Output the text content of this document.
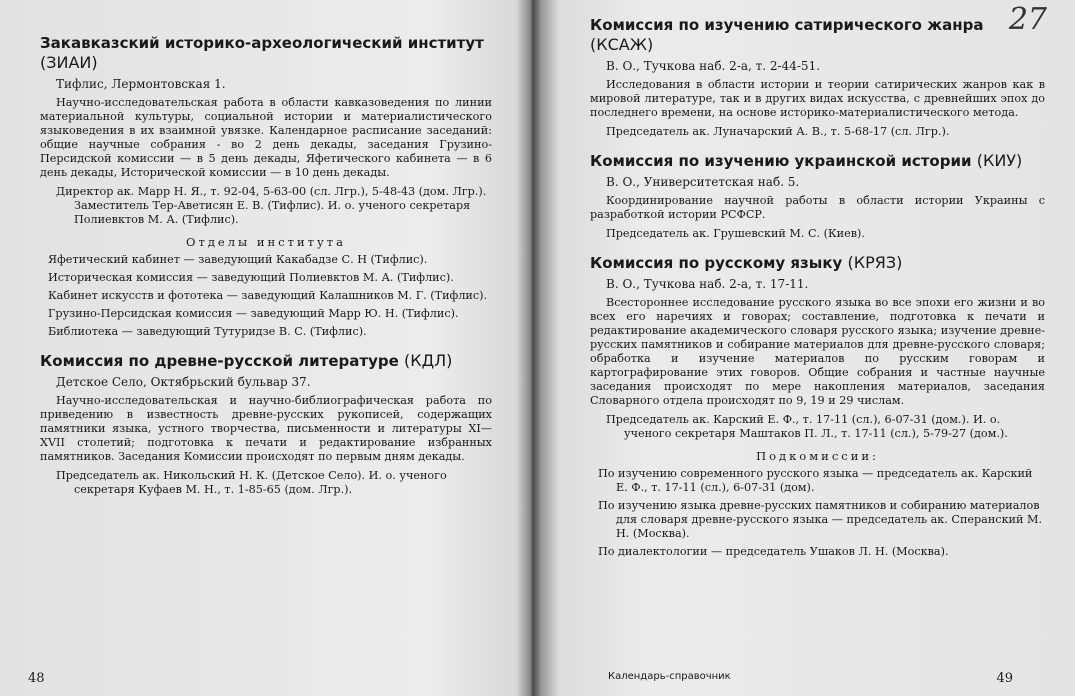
Закавказский историко-археологический институт
(ЗИАИ)
Тифлис, Лермонтовская 1.

Научно-исследовательская работа в области кавказоведения по линии материальной культуры, социальной истории и материалистического языковедения в их взаимной увязке. Календарное расписание заседаний: общие научные собрания - во 2 день декады, заседания Грузино-Персидской комиссии — в 5 день декады, Яфетического кабинета — в 6 день декады, Исторической комиссии — в 10 день декады.

Директор ак. Марр Н. Я., т. 92-04, 5-63-00 (сл. Лгр.), 5-48-43 (дом. Лгр.). Заместитель Тер-Аветисян Е. В. (Тифлис). И. о. ученого секретаря Полиевктов М. А. (Тифлис).

Отделы института
Яфетический кабинет — заведующий Какабадзе С. Н (Тифлис).
Историческая комиссия — заведующий Полиевктов М. А. (Тифлис).
Кабинет искусств и фототека — заведующий Калашников М. Г. (Тифлис).
Грузино-Персидская комиссия — заведующий Марр Ю. Н. (Тифлис).
Библиотека — заведующий Тутуридзе В. С. (Тифлис).
Комиссия по древне-русской литературе (КДЛ)
Детское Село, Октябрьский бульвар 37.

Научно-исследовательская и научно-библиографическая работа по приведению в известность древне-русских рукописей, содержащих памятники языка, устного творчества, письменности и литературы XI—XVII столетий; подготовка к печати и редактирование избранных памятников. Заседания Комиссии происходят по первым дням декады.

Председатель ак. Никольский Н. К. (Детское Село). И. о. ученого секретаря Куфаев М. Н., т. 1-85-65 (дом. Лгр.).

48
27
Комиссия по изучению сатирического жанра
(КСАЖ)
В. О., Тучкова наб. 2-а, т. 2-44-51.

Исследования в области истории и теории сатирических жанров как в мировой литературе, так и в других видах искусства, с древнейших эпох до последнего времени, на основе историко-материалистического метода.

Председатель ак. Луначарский А. В., т. 5-68-17 (сл. Лгр.).

Комиссия по изучению украинской истории (КИУ)
В. О., Университетская наб. 5.

Координирование научной работы в области истории Украины с разработкой истории РСФСР.

Председатель ак. Грушевский М. С. (Киев).

Комиссия по русскому языку (КРЯЗ)
В. О., Тучкова наб. 2-а, т. 17-11.

Всестороннее исследование русского языка во все эпохи его жизни и во всех его наречиях и говорах; составление, подготовка к печати и редактирование академического словаря русского языка; изучение древне-русских памятников и собирание материалов для древне-русского словаря; обработка и изучение материалов по русским говорам и картографирование этих говоров. Общие собрания и частные научные заседания происходят по мере накопления материалов, заседания Словарного отдела происходят по 9, 19 и 29 числам.

Председатель ак. Карский Е. Ф., т. 17-11 (сл.), 6-07-31 (дом.). И. о. ученого секретаря Маштаков П. Л., т. 17-11 (сл.), 5-79-27 (дом.).

Подкомиссии:
По изучению современного русского языка — председатель ак. Карский Е. Ф., т. 17-11 (сл.), 6-07-31 (дом).
По изучению языка древне-русских памятников и собиранию материалов для словаря древне-русского языка — председатель ак. Сперанский М. Н. (Москва).
По диалектологии — председатель Ушаков Л. Н. (Москва).
Календарь-справочник	49
